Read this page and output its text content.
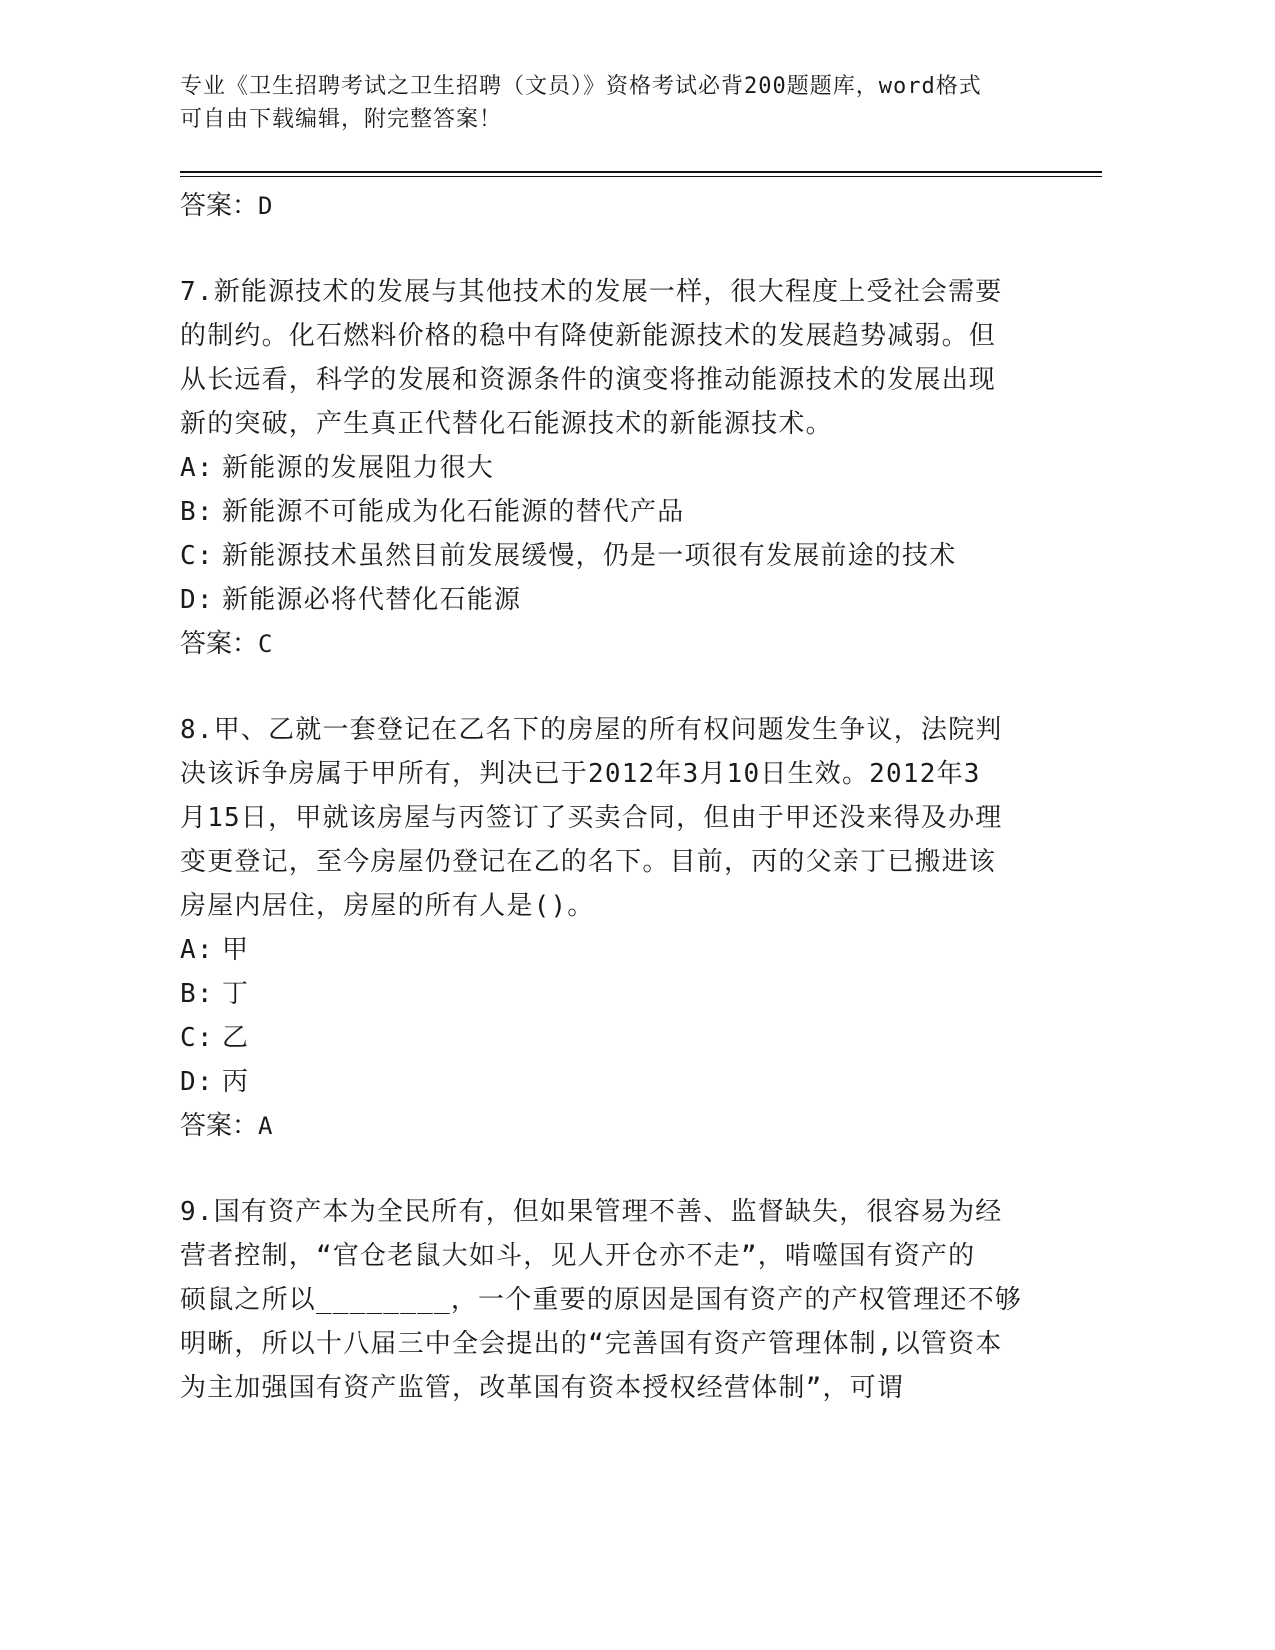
专业《卫生招聘考试之卫生招聘（文员）》资格考试必背200题题库，word格式
可自由下载编辑，附完整答案！
答案： D

7.新能源技术的发展与其他技术的发展一样，很大程度上受社会需要

的制约。化石燃料价格的稳中有降使新能源技术的发展趋势减弱。但

从长远看，科学的发展和资源条件的演变将推动能源技术的发展出现

新的突破，产生真正代替化石能源技术的新能源技术。

A: 新能源的发展阻力很大

B: 新能源不可能成为化石能源的替代产品

C: 新能源技术虽然目前发展缓慢，仍是一项很有发展前途的技术

D: 新能源必将代替化石能源

答案： C

8.甲、乙就一套登记在乙名下的房屋的所有权问题发生争议，法院判

决该诉争房属于甲所有，判决已于2012年3月10日生效。2012年3

月15日，甲就该房屋与丙签订了买卖合同，但由于甲还没来得及办理

变更登记，至今房屋仍登记在乙的名下。目前，丙的父亲丁已搬进该

房屋内居住，房屋的所有人是()。

A: 甲

B: 丁

C: 乙

D: 丙

答案： A

9.国有资产本为全民所有，但如果管理不善、监督缺失，很容易为经

营者控制，“官仓老鼠大如斗，见人开仓亦不走”，啃噬国有资产的

硕鼠之所以________，一个重要的原因是国有资产的产权管理还不够

明晰，所以十八届三中全会提出的“完善国有资产管理体制,以管资本

为主加强国有资产监管，改革国有资本授权经营体制”，可谓
